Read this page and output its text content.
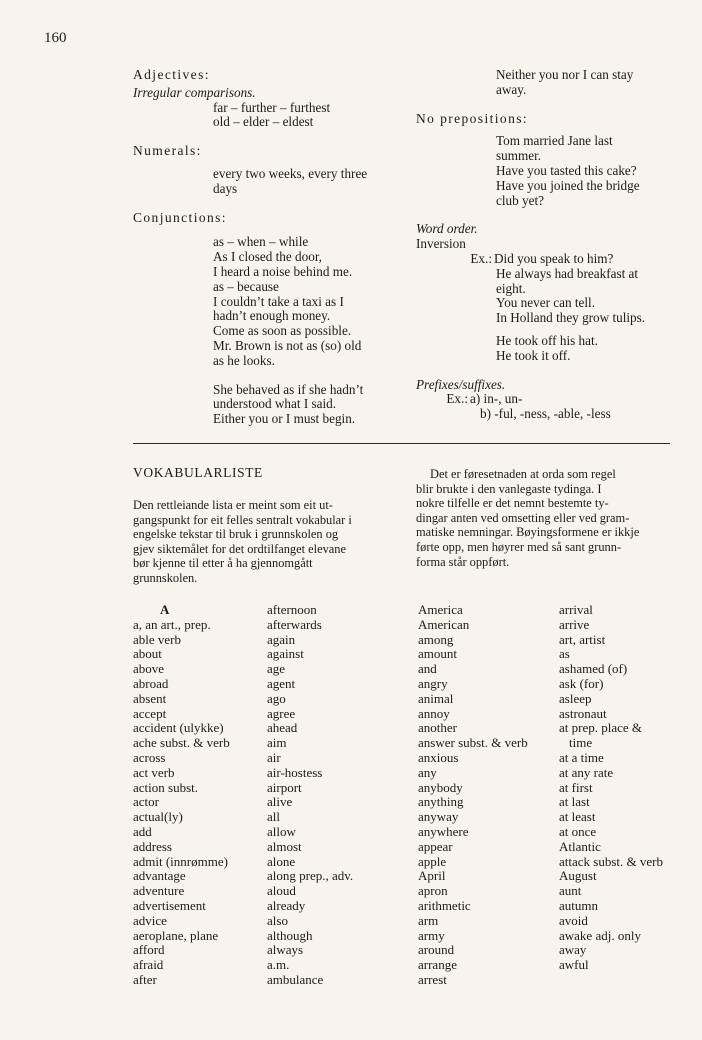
160
Adjectives:
Irregular comparisons.
far – further – furthest
old – elder – eldest
Numerals:
every two weeks, every three
days
Conjunctions:
as – when – while
As I closed the door,
I heard a noise behind me.
as – because
I couldn’t take a taxi as I
hadn’t enough money.
Come as soon as possible.
Mr. Brown is not as (so) old
as he looks.
She behaved as if she hadn’t
understood what I said.
Either you or I must begin.
Neither you nor I can stay
away.
No prepositions:
Tom married Jane last
summer.
Have you tasted this cake?
Have you joined the bridge
club yet?
Word order.
Inversion
Ex.: Did you speak to him?
He always had breakfast at
eight.
You never can tell.
In Holland they grow tulips.
He took off his hat.
He took it off.
Prefixes/suffixes.
Ex.: a) in-, un-
b) -ful, -ness, -able, -less
VOKABULARLISTE
Den rettleiande lista er meint som eit ut-
gangspunkt for eit felles sentralt vokabular i
engelske tekstar til bruk i grunnskolen og
gjev siktemålet for det ordtilfanget elevane
bør kjenne til etter å ha gjennomgått
grunnskolen.
Det er føresetnaden at orda som regel
blir brukte i den vanlegaste tydinga. I
nokre tilfelle er det nemnt bestemte ty-
dingar anten ved omsetting eller ved gram-
matiske nemningar. Bøyingsformene er ikkje
førte opp, men høyrer med så sant grunn-
forma står oppført.
A
a, an art., prep.
able verb
about
above
abroad
absent
accept
accident (ulykke)
ache subst. & verb
across
act verb
action subst.
actor
actual(ly)
add
address
admit (innrømme)
advantage
adventure
advertisement
advice
aeroplane, plane
afford
afraid
after
afternoon
afterwards
again
against
age
agent
ago
agree
ahead
aim
air
air-hostess
airport
alive
all
allow
almost
alone
along prep., adv.
aloud
already
also
although
always
a.m.
ambulance
America
American
among
amount
and
angry
animal
annoy
another
answer subst. & verb
anxious
any
anybody
anything
anyway
anywhere
appear
apple
April
apron
arithmetic
arm
army
around
arrange
arrest
arrival
arrive
art, artist
as
ashamed (of)
ask (for)
asleep
astronaut
at prep. place &
time
at a time
at any rate
at first
at last
at least
at once
Atlantic
attack subst. & verb
August
aunt
autumn
avoid
awake adj. only
away
awful
